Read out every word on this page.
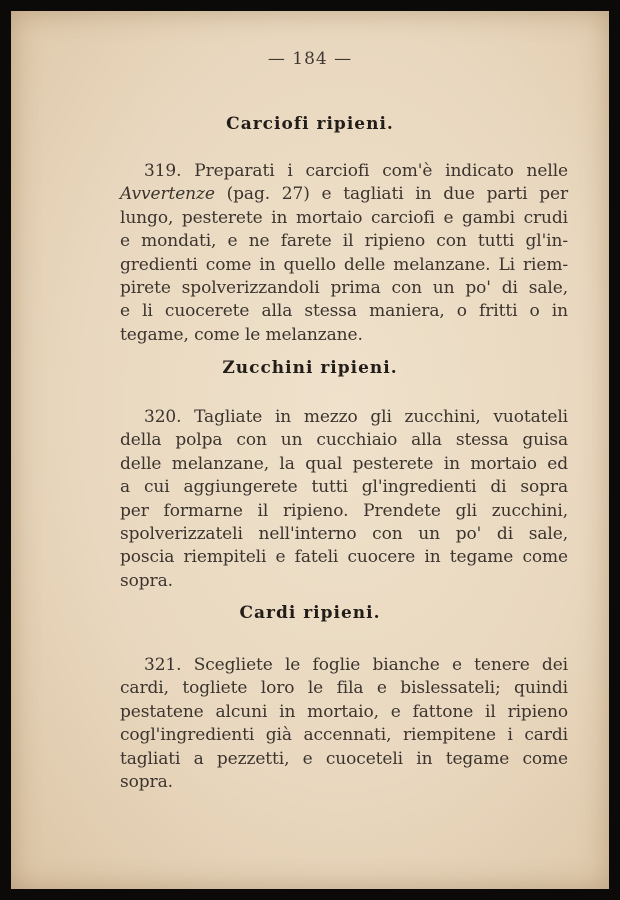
— 184 —
Carciofi ripieni.
319. Preparati i carciofi com'è indicato nelle
Avvertenze (pag. 27) e tagliati in due parti per
lungo, pesterete in mortaio carciofi e gambi crudi
e mondati, e ne farete il ripieno con tutti gl'in-
gredienti come in quello delle melanzane. Li riem-
pirete spolverizzandoli prima con un po' di sale,
e li cuocerete alla stessa maniera, o fritti o in
tegame, come le melanzane.
Zucchini ripieni.
320. Tagliate in mezzo gli zucchini, vuotateli
della polpa con un cucchiaio alla stessa guisa
delle melanzane, la qual pesterete in mortaio ed
a cui aggiungerete tutti gl'ingredienti di sopra
per formarne il ripieno. Prendete gli zucchini,
spolverizzateli nell'interno con un po' di sale,
poscia riempiteli e fateli cuocere in tegame come
sopra.
Cardi ripieni.
321. Scegliete le foglie bianche e tenere dei
cardi, togliete loro le fila e bislessateli; quindi
pestatene alcuni in mortaio, e fattone il ripieno
cogl'ingredienti già accennati, riempitene i cardi
tagliati a pezzetti, e cuoceteli in tegame come
sopra.
